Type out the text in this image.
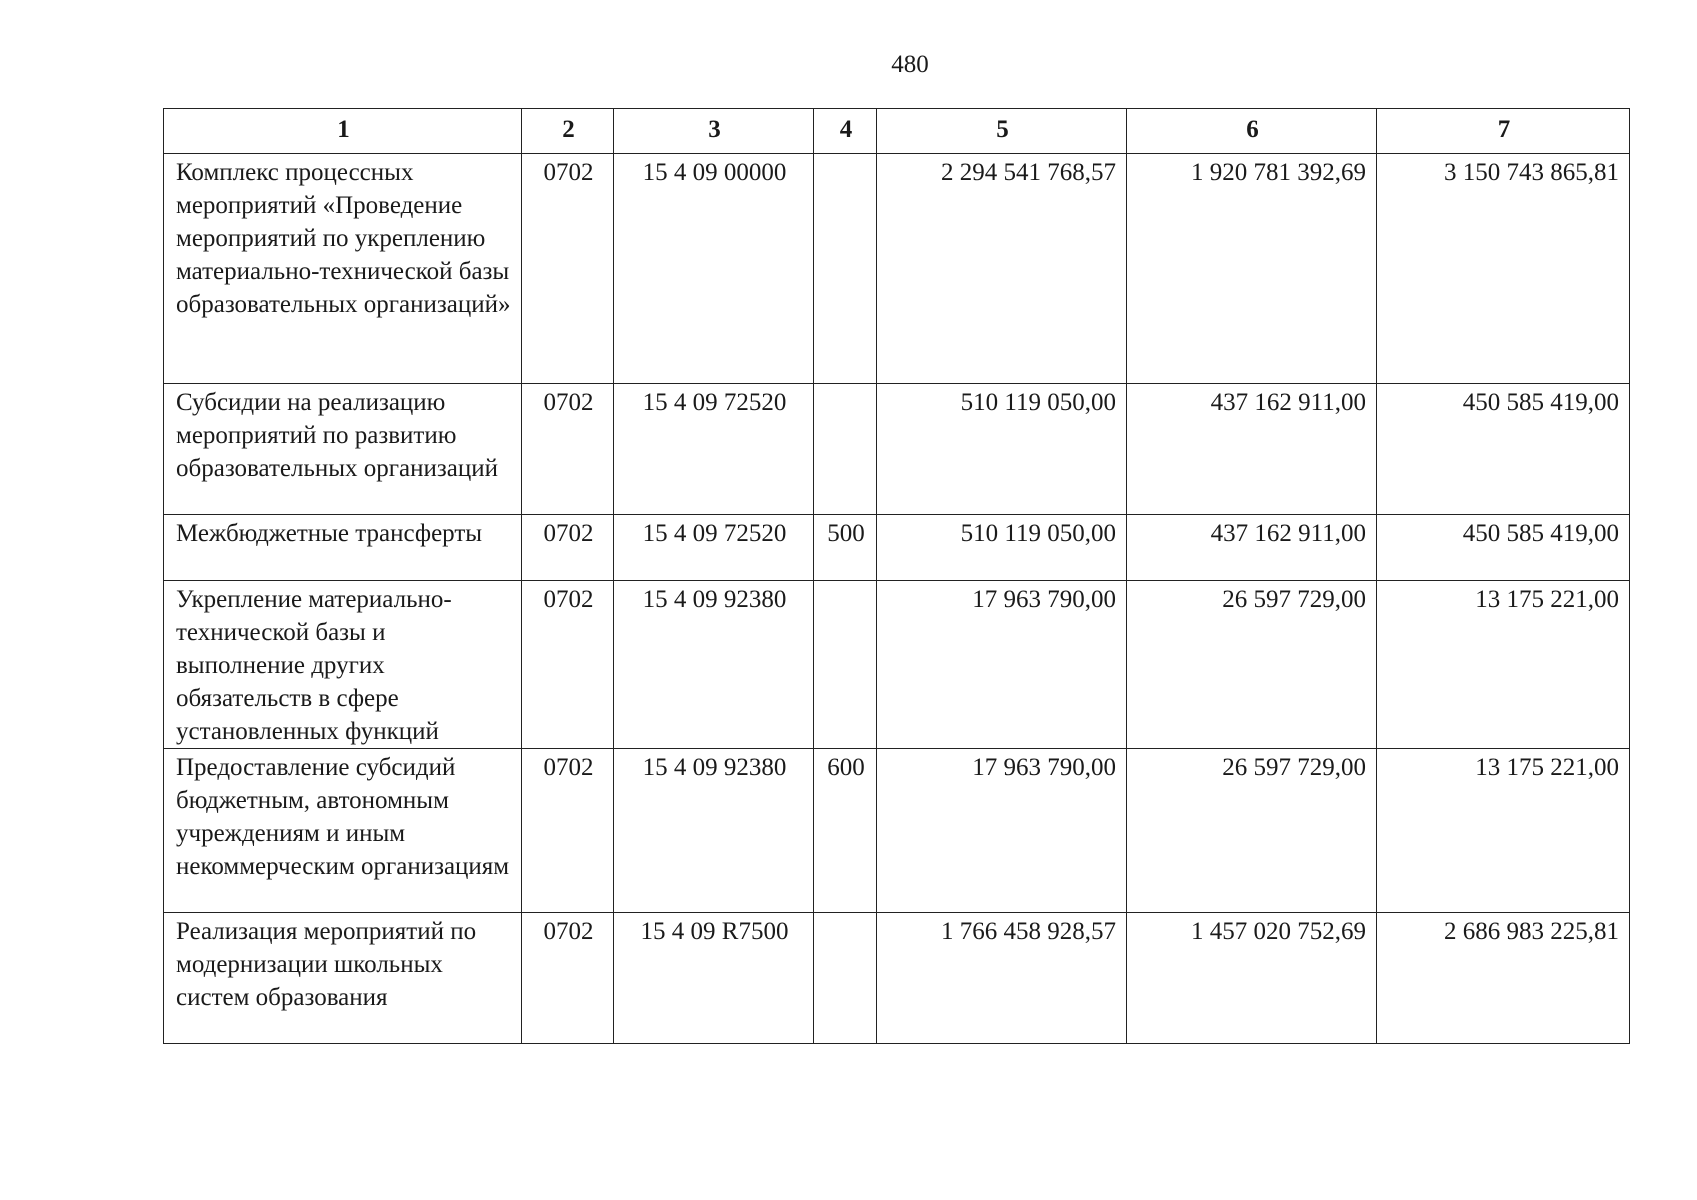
480
1	2	3	4	5	6	7
Комплекс процессных мероприятий «Проведение мероприятий по укреплению материально-технической базы образовательных организаций»	0702	15 4 09 00000		2 294 541 768,57	1 920 781 392,69	3 150 743 865,81
Субсидии на реализацию мероприятий по развитию образовательных организаций	0702	15 4 09 72520		510 119 050,00	437 162 911,00	450 585 419,00
Межбюджетные трансферты	0702	15 4 09 72520	500	510 119 050,00	437 162 911,00	450 585 419,00
Укрепление материально-технической базы и выполнение других обязательств в сфере установленных функций	0702	15 4 09 92380		17 963 790,00	26 597 729,00	13 175 221,00
Предоставление субсидий бюджетным, автономным учреждениям и иным некоммерческим организациям	0702	15 4 09 92380	600	17 963 790,00	26 597 729,00	13 175 221,00
Реализация мероприятий по модернизации школьных систем образования	0702	15 4 09 R7500		1 766 458 928,57	1 457 020 752,69	2 686 983 225,81
